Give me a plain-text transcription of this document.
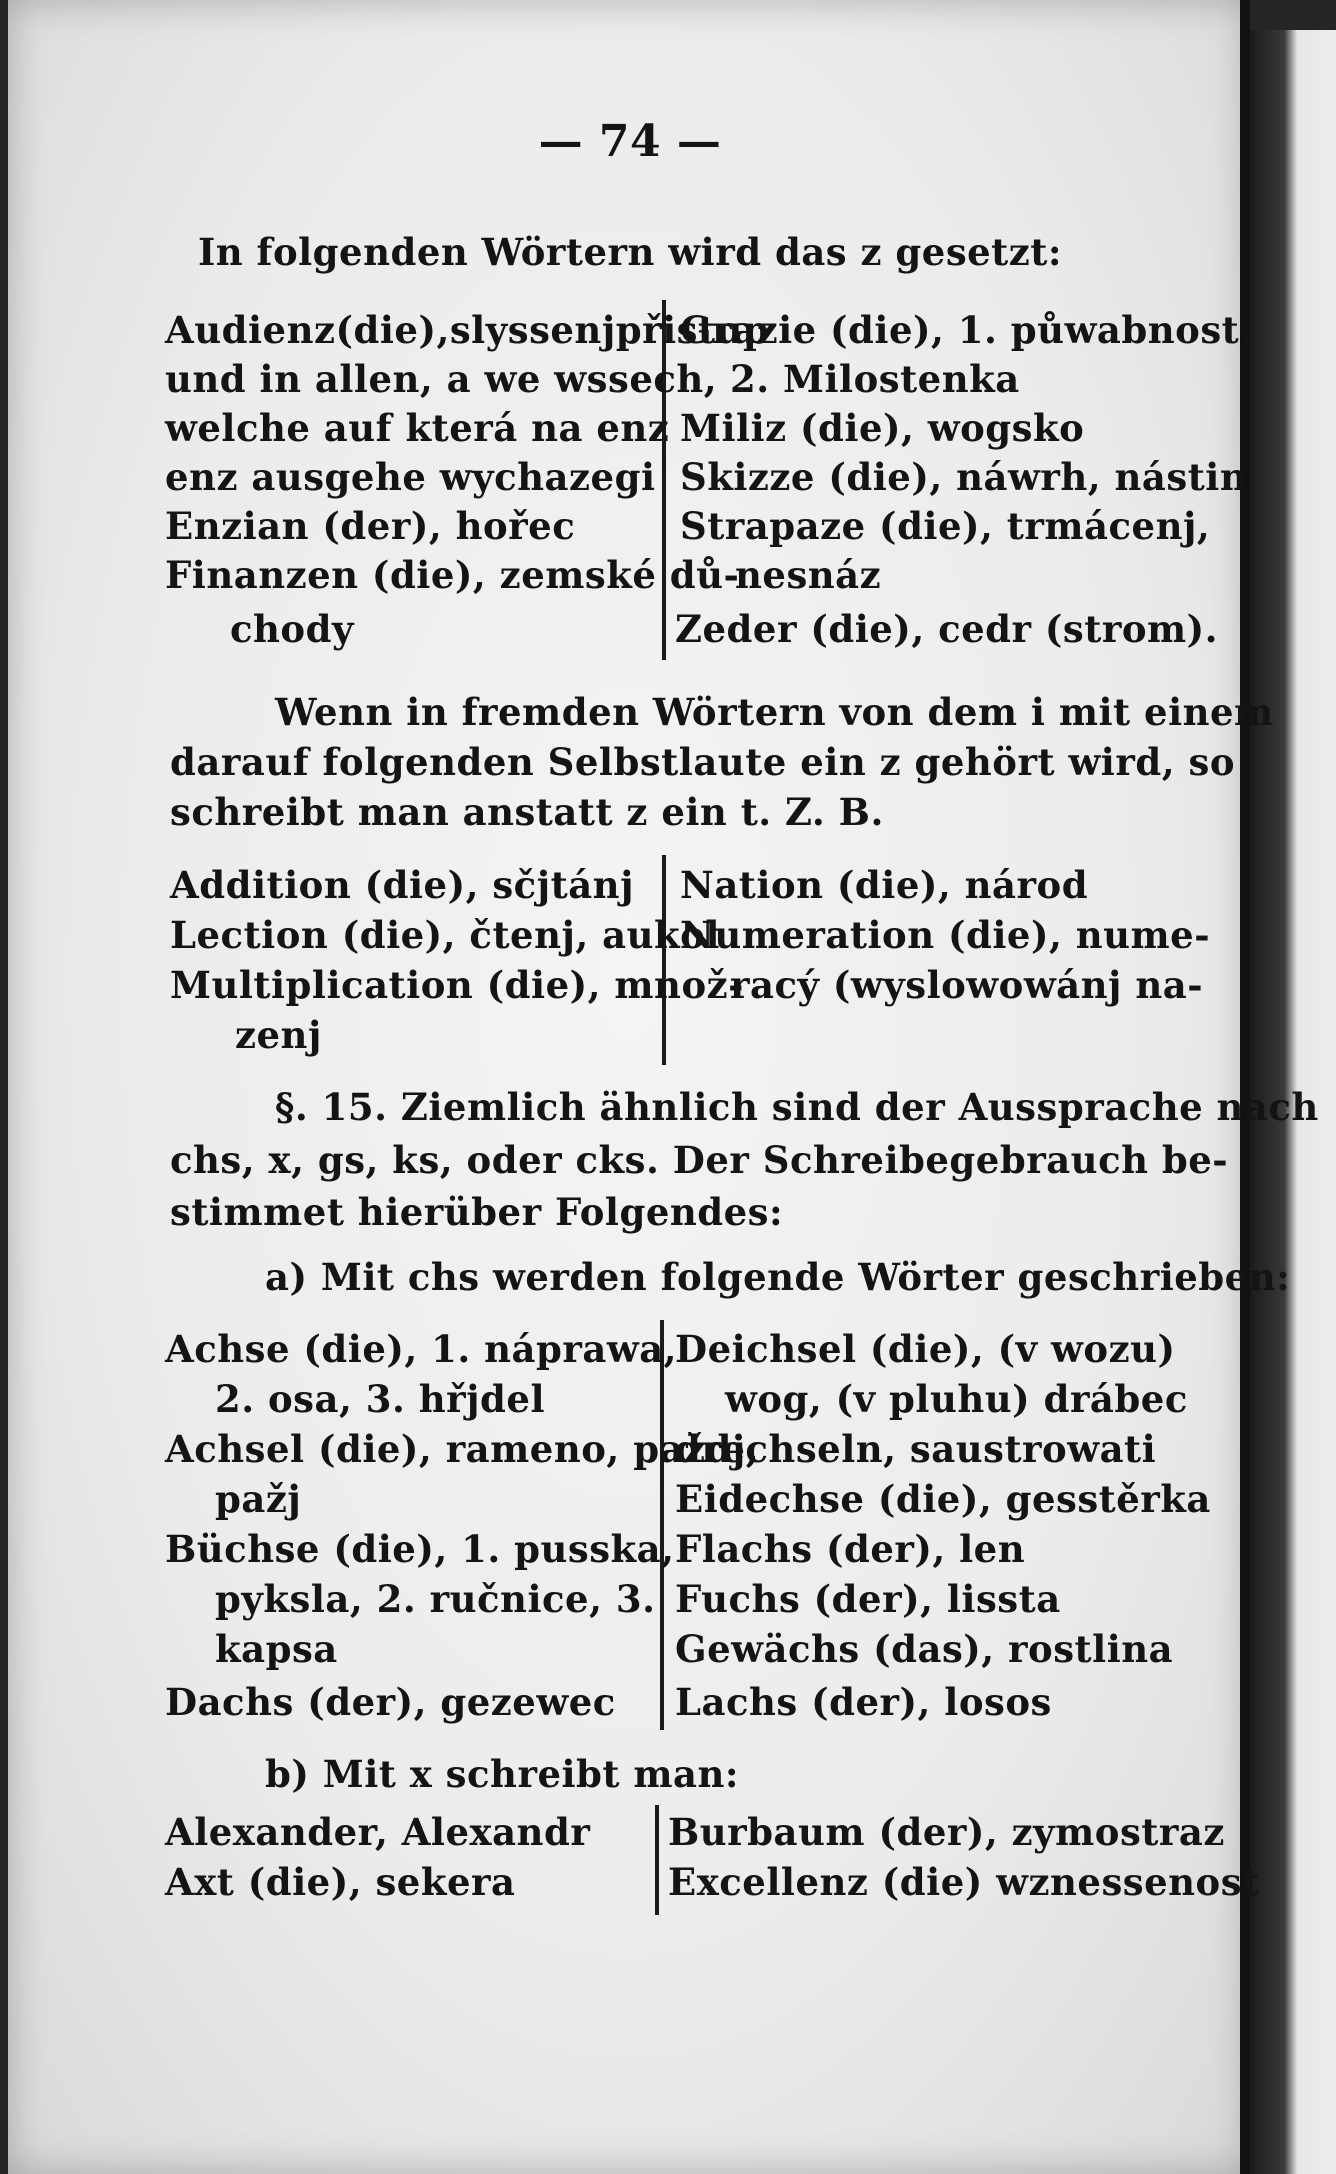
— 74 —
In folgenden Wörtern wird das z gesetzt:
Audienz(die),slyssenjpřistup
und in allen, a we wssech,
welche auf která na enz
enz ausgehe wychazegi
Enzian (der), hořec
Finanzen (die), zemské dů-
chody
Grazie (die), 1. půwabnost,
2. Milostenka
Miliz (die), wogsko
Skizze (die), náwrh, nástin
Strapaze (die), trmácenj,
nesnáz
Zeder (die), cedr (strom).
Wenn in fremden Wörtern von dem i mit einem
darauf folgenden Selbstlaute ein z gehört wird, so
schreibt man anstatt z ein t. Z. B.
Addition (die), sčjtánj
Lection (die), čtenj, aukol
Multiplication (die), množ-
zenj
Nation (die), národ
Numeration (die), nume-
racý (wyslowowánj na-
§. 15. Ziemlich ähnlich sind der Aussprache nach
chs, x, gs, ks, oder cks. Der Schreibegebrauch be-
stimmet hierüber Folgendes:
a) Mit chs werden folgende Wörter geschrieben:
Achse (die), 1. náprawa,
2. osa, 3. hřjdel
Achsel (die), rameno, paždj,
pažj
Büchse (die), 1. pusska,
pyksla, 2. ručnice, 3.
kapsa
Dachs (der), gezewec
Deichsel (die), (v wozu)
wog, (v pluhu) drábec
drechseln, saustrowati
Eidechse (die), gesstěrka
Flachs (der), len
Fuchs (der), lissta
Gewächs (das), rostlina
Lachs (der), losos
b) Mit x schreibt man:
Alexander, Alexandr
Axt (die), sekera
Burbaum (der), zymostraz
Excellenz (die) wznessenost
